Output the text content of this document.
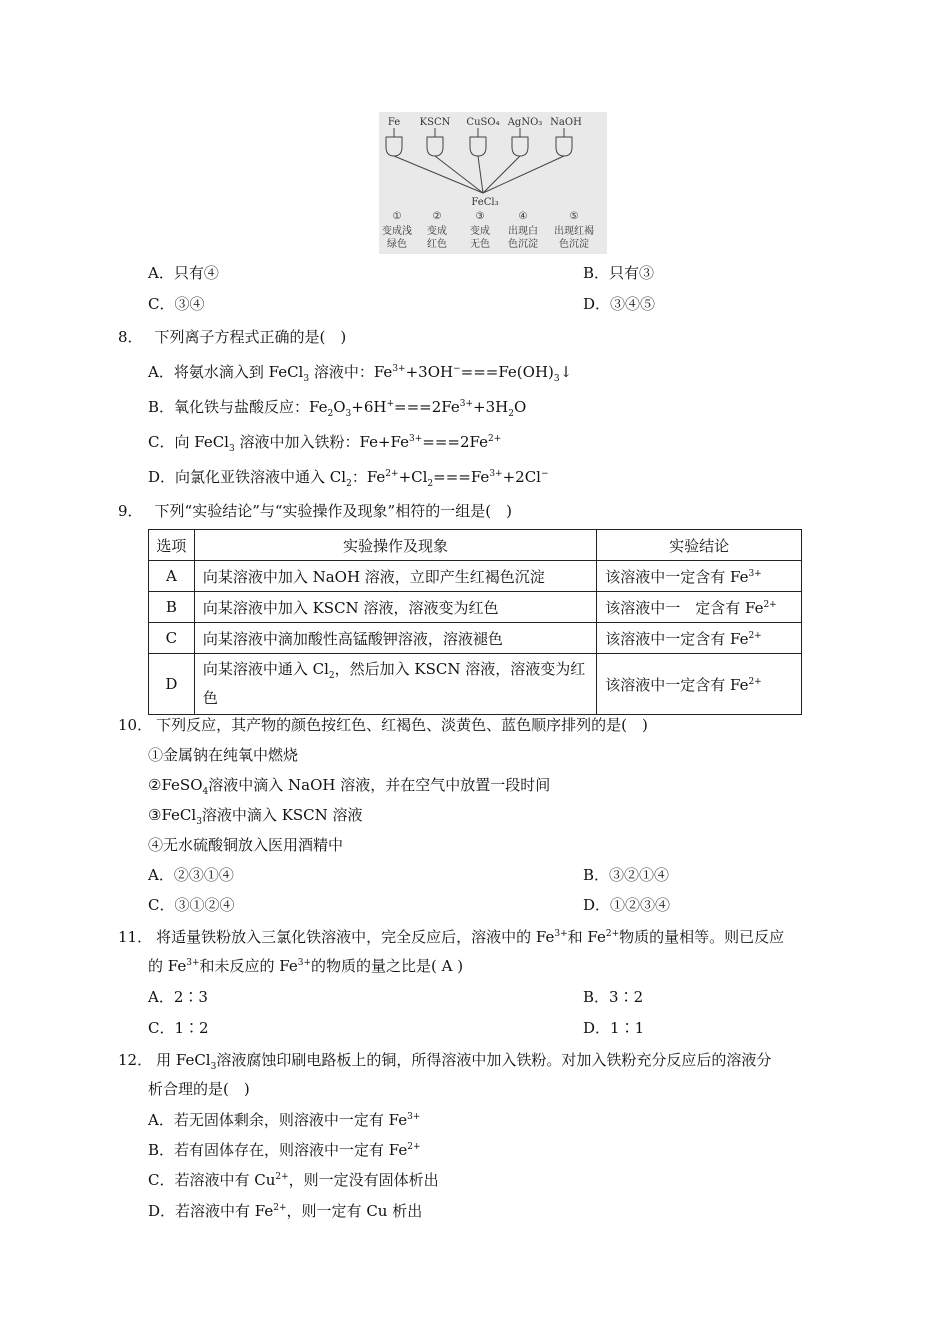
Fe KSCN CuSO₄ AgNO₃ NaOH
FeCl₃
①	②	③	④	⑤
变成浅 变成 变成 出现白 出现红褐
绿色 红色 无色 色沉淀 色沉淀
A．只有④	B．只有③
C．③④	D．③④⑤
8． 下列离子方程式正确的是(　)
A．将氨水滴入到 FeCl$_3$ 溶液中：$Fe^{3+}+3OH^-===Fe(OH)_3↓$
B．氧化铁与盐酸反应：$Fe_2O_3+6H^+===2Fe^{3+}+3H_2O$
C．向 FeCl$_3$ 溶液中加入铁粉：$Fe+Fe^{3+}===2Fe^{2+}$
D．向氯化亚铁溶液中通入 $Cl_2$：$Fe^{2+}+Cl_2===Fe^{3+}+2Cl^-$
9． 下列“实验结论”与“实验操作及现象”相符的一组是(　)
选项	实验操作及现象	实验结论
A	向某溶液中加入 NaOH 溶液，立即产生红褐色沉淀	该溶液中一定含有 $Fe^{3+}$
B	向某溶液中加入 KSCN 溶液，溶液变为红色	该溶液中一　定含有 $Fe^{2+}$
C	向某溶液中滴加酸性高锰酸钾溶液，溶液褪色	该溶液中一定含有 $Fe^{2+}$
D	向某溶液中通入 $Cl_2$，然后加入 KSCN 溶液，溶液变为红色	该溶液中一定含有 $Fe^{2+}$
10． 下列反应，其产物的颜色按红色、红褐色、淡黄色、蓝色顺序排列的是(　)
①金属钠在纯氧中燃烧
②FeSO$_4$溶液中滴入 NaOH 溶液，并在空气中放置一段时间
③FeCl$_3$溶液中滴入 KSCN 溶液
④无水硫酸铜放入医用酒精中
A．②③①④	B．③②①④
C．③①②④	D．①②③④
11． 将适量铁粉放入三氯化铁溶液中，完全反应后，溶液中的 $Fe^{3+}$和 $Fe^{2+}$物质的量相等。则已反应
的 $Fe^{3+}$和未反应的 $Fe^{3+}$的物质的量之比是( A )
A．2∶3	B．3∶2
C．1∶2	D．1∶1
12． 用 FeCl$_3$溶液腐蚀印刷电路板上的铜，所得溶液中加入铁粉。对加入铁粉充分反应后的溶液分
析合理的是(　)
A．若无固体剩余，则溶液中一定有 $Fe^{3+}$
B．若有固体存在，则溶液中一定有 $Fe^{2+}$
C．若溶液中有 $Cu^{2+}$，则一定没有固体析出
D．若溶液中有 $Fe^{2+}$，则一定有 Cu 析出
